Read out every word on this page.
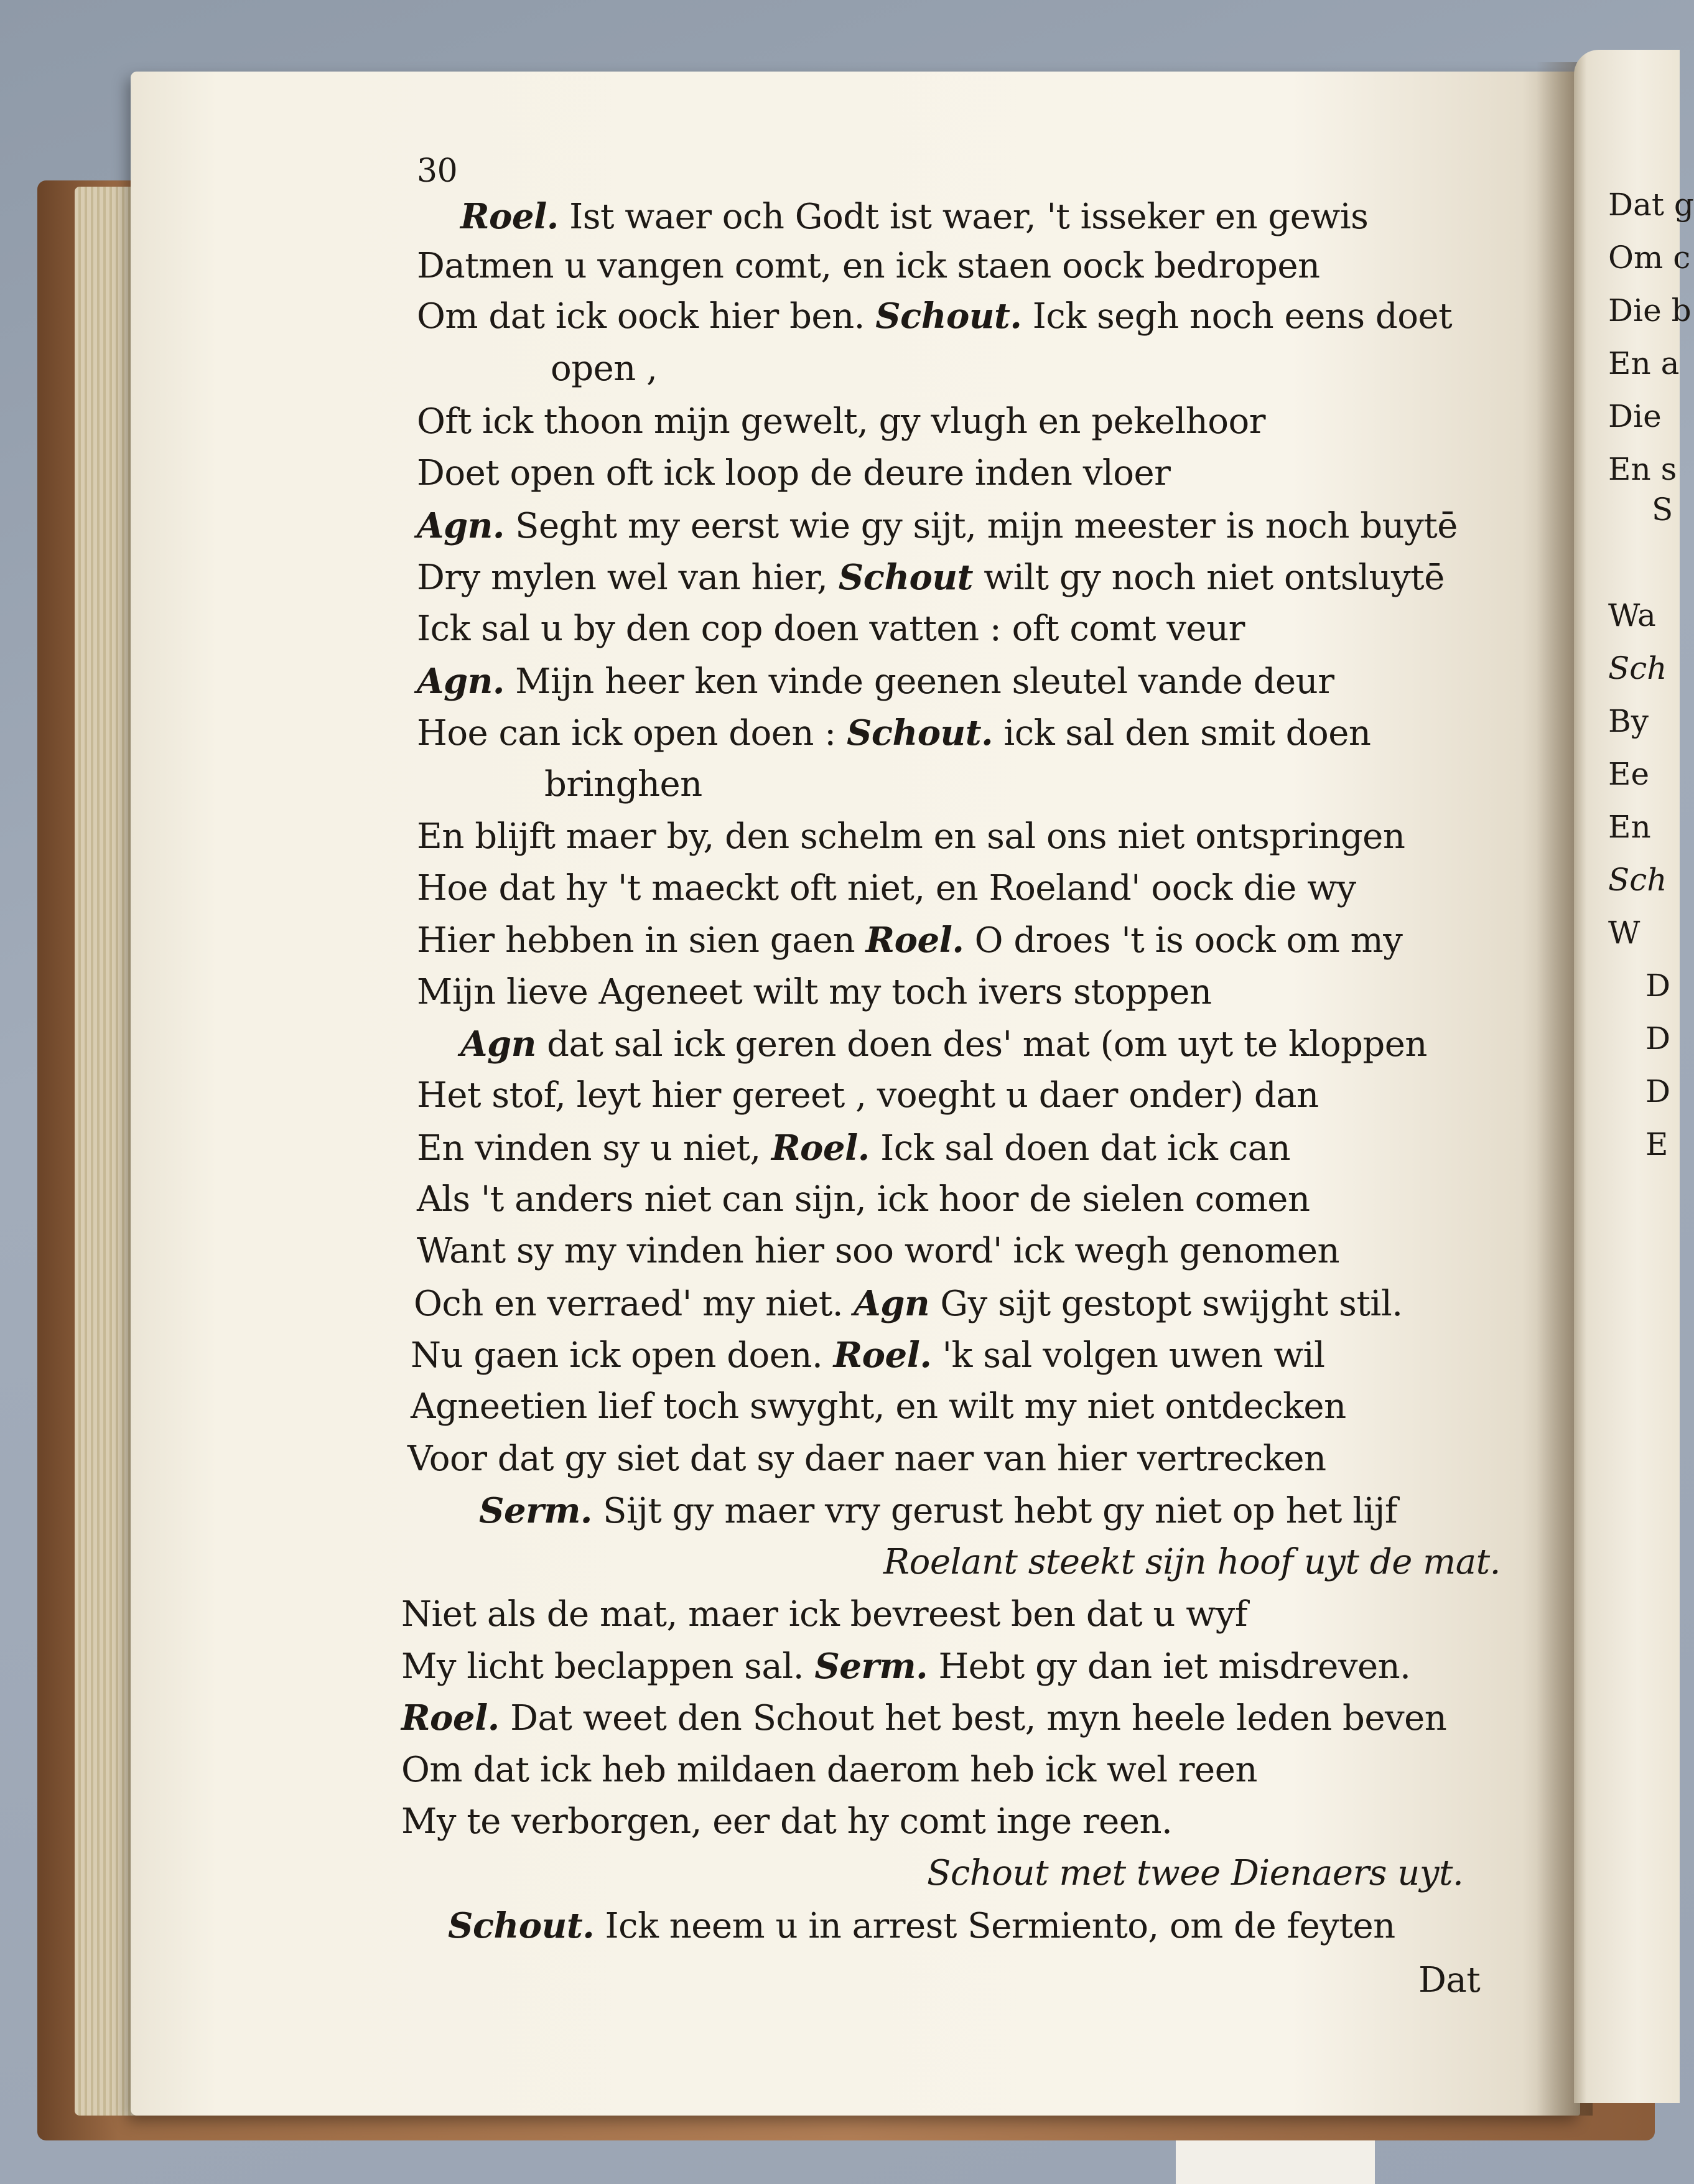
30
Roel. Ist waer och Godt ist waer, 't isseker en gewis
Datmen u vangen comt, en ick staen oock bedropen
Om dat ick oock hier ben. Schout. Ick segh noch eens doet
open ,
Oft ick thoon mijn gewelt, gy vlugh en pekelhoor
Doet open oft ick loop de deure inden vloer
Agn. Seght my eerst wie gy sijt, mijn meester is noch buytē
Dry mylen wel van hier, Schout wilt gy noch niet ontsluytē
Ick sal u by den cop doen vatten : oft comt veur
Agn. Mijn heer ken vinde geenen sleutel vande deur
Hoe can ick open doen : Schout. ick sal den smit doen
bringhen
En blijft maer by, den schelm en sal ons niet ontspringen
Hoe dat hy 't maeckt oft niet, en Roeland' oock die wy
Hier hebben in sien gaen Roel. O droes 't is oock om my
Mijn lieve Ageneet wilt my toch ivers stoppen
Agn dat sal ick geren doen des' mat (om uyt te kloppen
Het stof, leyt hier gereet , voeght u daer onder) dan
En vinden sy u niet, Roel. Ick sal doen dat ick can
Als 't anders niet can sijn, ick hoor de sielen comen
Want sy my vinden hier soo word' ick wegh genomen
Och en verraed' my niet. Agn Gy sijt gestopt swijght stil.
Nu gaen ick open doen. Roel. 'k sal volgen uwen wil
Agneetien lief toch swyght, en wilt my niet ontdecken
Voor dat gy siet dat sy daer naer van hier vertrecken
Serm. Sijt gy maer vry gerust hebt gy niet op het lijf
Roelant steekt sijn hoof uyt de mat.
Niet als de mat, maer ick bevreest ben dat u wyf
My licht beclappen sal. Serm. Hebt gy dan iet misdreven.
Roel. Dat weet den Schout het best, myn heele leden beven
Om dat ick heb mildaen daerom heb ick wel reen
My te verborgen, eer dat hy comt inge reen.
Schout met twee Dienaers uyt.
Schout. Ick neem u in arrest Sermiento, om de feyten
Dat
Dat g
Om c
Die b
En a
Die
En s
S
Wa
Sch
By
Ee
En
Sch
W
D
D
D
E
